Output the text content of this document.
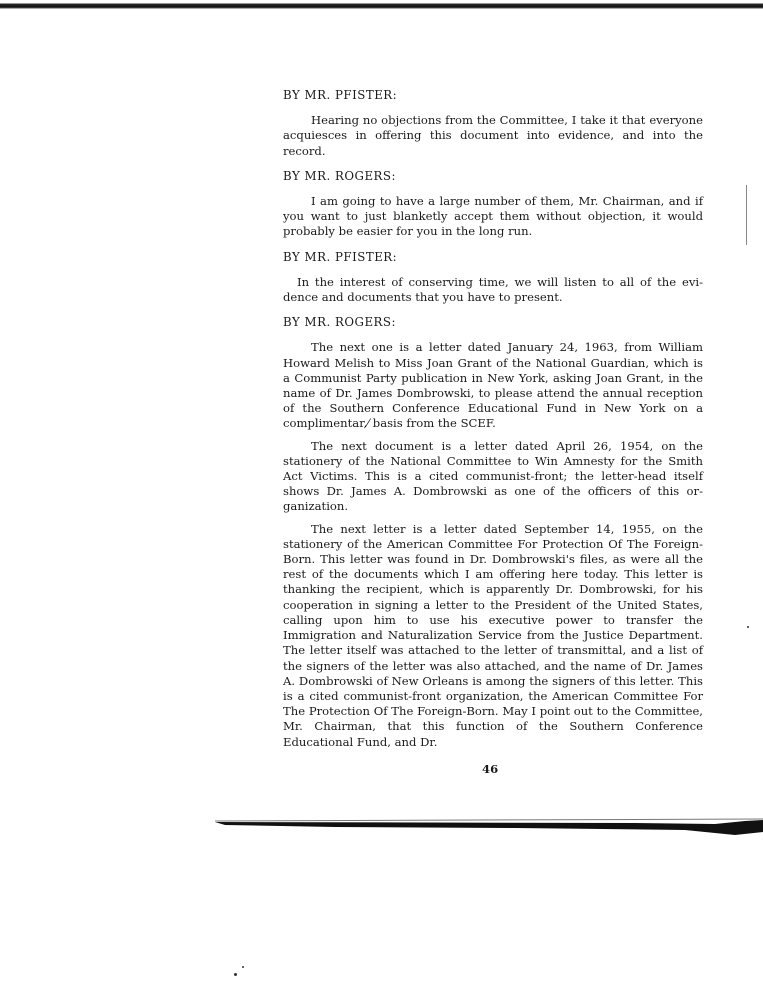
BY MR. PFISTER:

Hearing no objections from the Committee, I take it that everyone acquiesces in offering this document into evidence, and into the record.

BY MR. ROGERS:

I am going to have a large number of them, Mr. Chairman, and if you want to just blanketly accept them without objection, it would probably be easier for you in the long run.

BY MR. PFISTER:

In the interest of conserving time, we will listen to all of the evidence and documents that you have to present.

BY MR. ROGERS:

The next one is a letter dated January 24, 1963, from William Howard Melish to Miss Joan Grant of the National Guardian, which is a Communist Party publication in New York, asking Joan Grant, in the name of Dr. James Dombrowski, to please attend the annual reception of the Southern Conference Educational Fund in New York on a complimentar,⁄ basis from the SCEF.

The next document is a letter dated April 26, 1954, on the stationery of the National Committee to Win Amnesty for the Smith Act Victims. This is a cited communist-front; the letter-head itself shows Dr. James A. Dombrowski as one of the officers of this organization.

The next letter is a letter dated September 14, 1955, on the stationery of the American Committee For Protection Of The Foreign-Born. This letter was found in Dr. Dombrowski's files, as were all the rest of the documents which I am offering here today. This letter is thanking the recipient, which is apparently Dr. Dombrowski, for his cooperation in signing a letter to the President of the United States, calling upon him to use his executive power to transfer the Immigration and Naturalization Service from the Justice Department. The letter itself was attached to the letter of transmittal, and a list of the signers of the letter was also attached, and the name of Dr. James A. Dombrowski of New Orleans is among the signers of this letter. This is a cited communist-front organization, the American Committee For The Protection Of The Foreign-Born. May I point out to the Committee, Mr. Chairman, that this function of the Southern Conference Educational Fund, and Dr.

46
